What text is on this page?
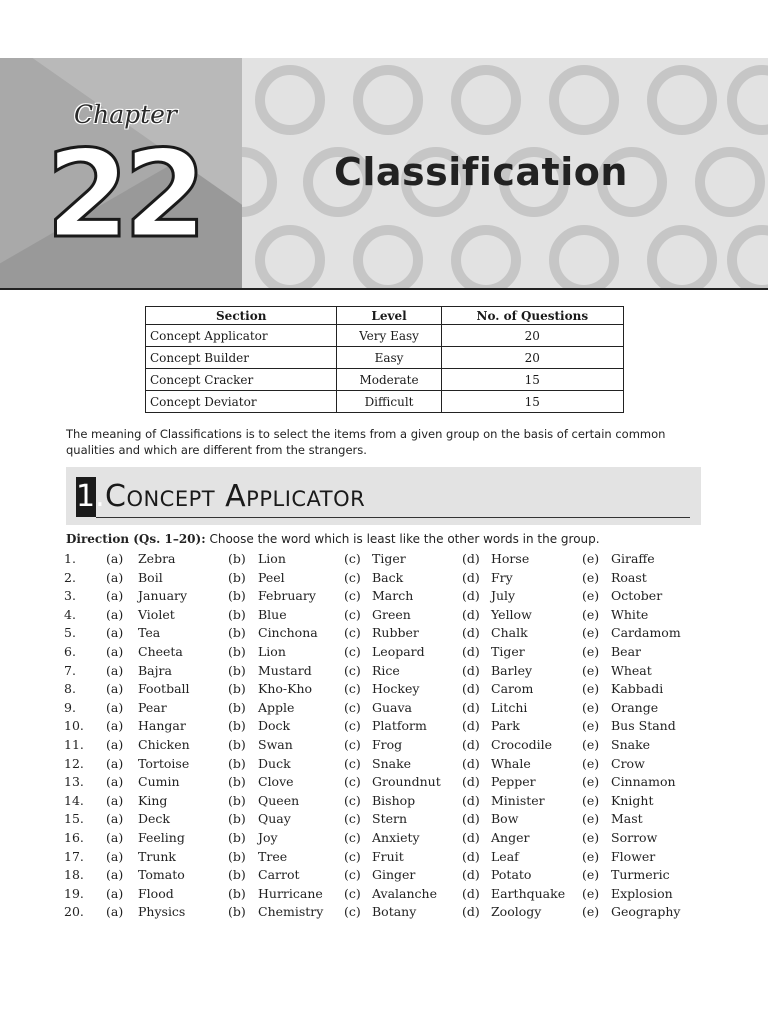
Chapter
22	Classification
Section	Level	No. of Questions
Concept Applicator	Very Easy	20
Concept Builder	Easy	20
Concept Cracker	Moderate	15
Concept Deviator	Difficult	15
The meaning of Classifications is to select the items from a given group on the basis of certain common qualities and which are different from the strangers.
1. Concept Applicator
Direction (Qs. 1–20): Choose the word which is least like the other words in the group.
1. (a) Zebra	(b) Lion	(c) Tiger	(d) Horse	(e) Giraffe
2. (a) Boil	(b) Peel	(c) Back	(d) Fry	(e) Roast
3. (a) January	(b) February (c) March	(d) July	(e) October
4. (a) Violet	(b) Blue	(c) Green	(d) Yellow	(e) White
5. (a) Tea	(b) Cinchona (c) Rubber	(d) Chalk	(e) Cardamom
6. (a) Cheeta	(b) Lion	(c) Leopard	(d) Tiger	(e) Bear
7. (a) Bajra	(b) Mustard	(c) Rice	(d) Barley	(e) Wheat
8. (a) Football	(b) Kho-Kho	(c) Hockey	(d) Carom	(e) Kabbadi
9. (a) Pear	(b) Apple	(c) Guava	(d) Litchi	(e) Orange
10. (a) Hangar	(b) Dock	(c) Platform	(d) Park	(e) Bus Stand
11. (a) Chicken	(b) Swan	(c) Frog	(d) Crocodile (e) Snake
12. (a) Tortoise	(b) Duck	(c) Snake	(d) Whale	(e) Crow
13. (a) Cumin	(b) Clove	(c) Groundnut (d) Pepper	(e) Cinnamon
14. (a) King	(b) Queen	(c) Bishop	(d) Minister	(e) Knight
15. (a) Deck	(b) Quay	(c) Stern	(d) Bow	(e) Mast
16. (a) Feeling	(b) Joy	(c) Anxiety	(d) Anger	(e) Sorrow
17. (a) Trunk	(b) Tree	(c) Fruit	(d) Leaf	(e) Flower
18. (a) Tomato	(b) Carrot	(c) Ginger	(d) Potato	(e) Turmeric
19. (a) Flood	(b) Hurricane (c) Avalanche (d) Earthquake (e) Explosion
20. (a) Physics	(b) Chemistry (c) Botany	(d) Zoology	(e) Geography
